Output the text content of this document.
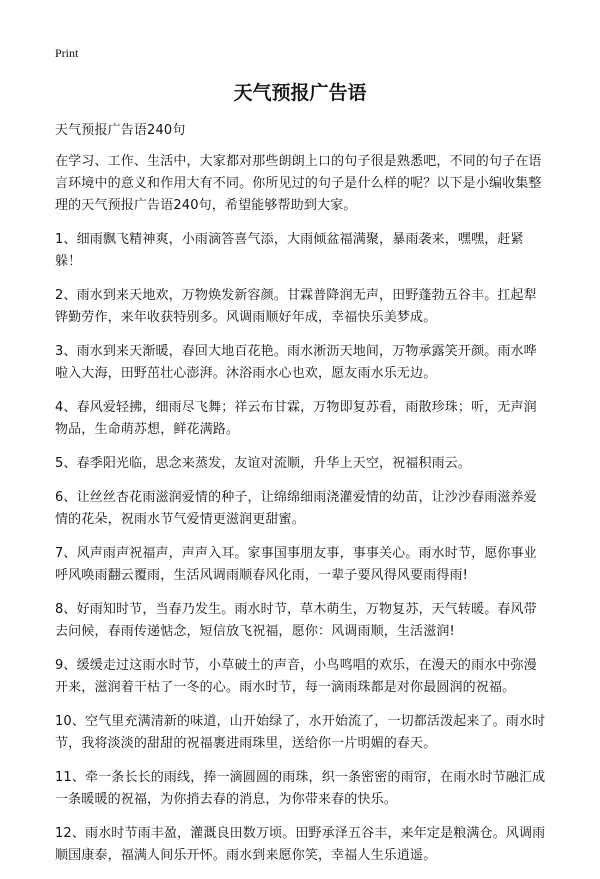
Print
天气预报广告语

天气预报广告语240句

在学习、工作、生活中，大家都对那些朗朗上口的句子很是熟悉吧，不同的句子在语言环境中的意义和作用大有不同。你所见过的句子是什么样的呢？以下是小编收集整理的天气预报广告语240句，希望能够帮助到大家。

1、细雨飘飞精神爽，小雨滴答喜气添，大雨倾盆福满聚，暴雨袭来，嘿嘿，赶紧躲！

2、雨水到来天地欢，万物焕发新容颜。甘霖普降润无声，田野蓬勃五谷丰。扛起犁铧勤劳作，来年收获特别多。风调雨顺好年成，幸福快乐美梦成。

3、雨水到来天渐暖，春回大地百花艳。雨水淅沥天地间，万物承露笑开颜。雨水哗啦入大海，田野茁壮心澎湃。沐浴雨水心也欢，愿友雨水乐无边。

4、春风爱轻拂，细雨尽飞舞；祥云布甘霖，万物即复苏看，雨散珍珠；听，无声润物品，生命萌苏想，鲜花满路。

5、春季阳光临，思念来蒸发，友谊对流顺，升华上天空，祝福积雨云。

6、让丝丝杏花雨滋润爱情的种子，让绵绵细雨浇灌爱情的幼苗，让沙沙春雨滋养爱情的花朵，祝雨水节气爱情更滋润更甜蜜。

7、风声雨声祝福声，声声入耳。家事国事朋友事，事事关心。雨水时节，愿你事业呼风唤雨翻云覆雨，生活风调雨顺春风化雨，一辈子要风得风要雨得雨!

8、好雨知时节，当春乃发生。雨水时节，草木萌生，万物复苏，天气转暖。春风带去问候，春雨传递惦念，短信放飞祝福，愿你：风调雨顺，生活滋润!

9、缓缓走过这雨水时节，小草破土的声音，小鸟鸣唱的欢乐，在漫天的雨水中弥漫开来，滋润着干枯了一冬的心。雨水时节，每一滴雨珠都是对你最圆润的祝福。

10、空气里充满清新的味道，山开始绿了，水开始流了，一切都活泼起来了。雨水时节，我将淡淡的甜甜的祝福裹进雨珠里，送给你一片明媚的春天。

11、牵一条长长的雨线，捧一滴圆圆的雨珠，织一条密密的雨帘，在雨水时节融汇成一条暖暖的祝福，为你捎去春的消息，为你带来春的快乐。

12、雨水时节雨丰盈，灌溉良田数万顷。田野承泽五谷丰，来年定是粮满仓。风调雨顺国康泰，福满人间乐开怀。雨水到来愿你笑，幸福人生乐逍遥。
